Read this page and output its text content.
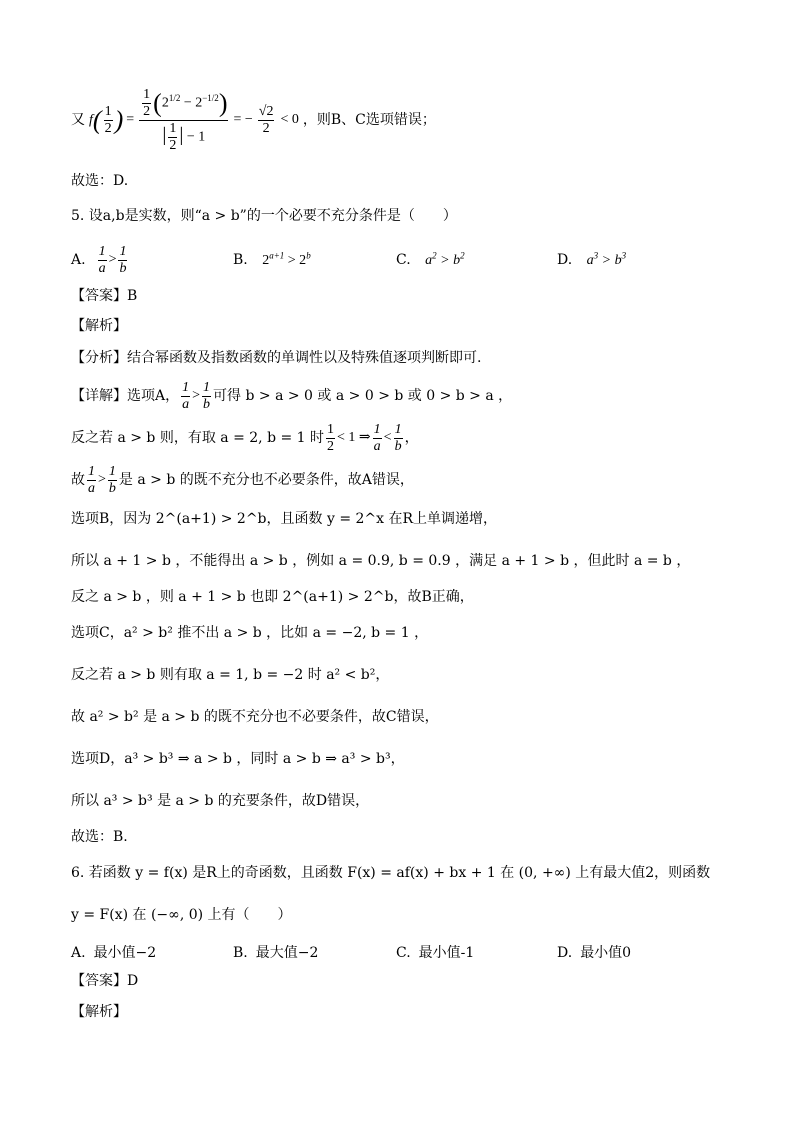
又 $f( \frac{1}{2}$ ) = $\frac{\frac{1}{2} (2^{1/2} - 2^{-1/2})}{| \frac{1}{2} | - 1}$ = − $\frac{√2}{2} < 0$ ，则B、C选项错误；
故选：D.
5. 设a,b是实数，则“a > b”的一个必要不充分条件是（　　）
A. $\frac{1}{a} > \frac{1}{b}$	B. $2^{a+1} > 2^b$	C. $a^2 > b^2$	D. $a^3 > b^3$
【答案】B
【解析】
【分析】结合幂函数及指数函数的单调性以及特殊值逐项判断即可.
【详解】 选项A， $\frac{1}{a} > \frac{1}{b}$ 可得 b > a > 0 或 a > 0 > b 或 0 > b > a ，
反之若 a > b 则，有取 a = 2, b = 1 时 $\frac{1}{2} < 1$ ⇒ $\frac{1}{a} < \frac{1}{b}$ ，
故 $\frac{1}{a} > \frac{1}{b}$ 是 a > b 的既不充分也不必要条件，故A错误，
选项B，因为 2^(a+1) > 2^b，且函数 y = 2^x 在R上单调递增，
所以 a + 1 > b ，不能得出 a > b ，例如 a = 0.9, b = 0.9 ，满足 a + 1 > b ，但此时 a = b ，
反之 a > b ，则 a + 1 > b 也即 2^(a+1) > 2^b，故B正确，
选项C，a² > b² 推不出 a > b ，比如 a = −2, b = 1 ，
反之若 a > b 则有取 a = 1, b = −2 时 a² < b²，
故 a² > b² 是 a > b 的既不充分也不必要条件，故C错误，
选项D，a³ > b³ ⇒ a > b ，同时 a > b ⇒ a³ > b³，
所以 a³ > b³ 是 a > b 的充要条件，故D错误，
故选：B.
6. 若函数 y = f(x) 是R上的奇函数，且函数 F(x) = af(x) + bx + 1 在 (0, +∞) 上有最大值2，则函数
y = F(x) 在 (−∞, 0) 上有（　　）
A. 最小值−2	B. 最大值−2	C. 最小值-1	D. 最小值0
【答案】D
【解析】
